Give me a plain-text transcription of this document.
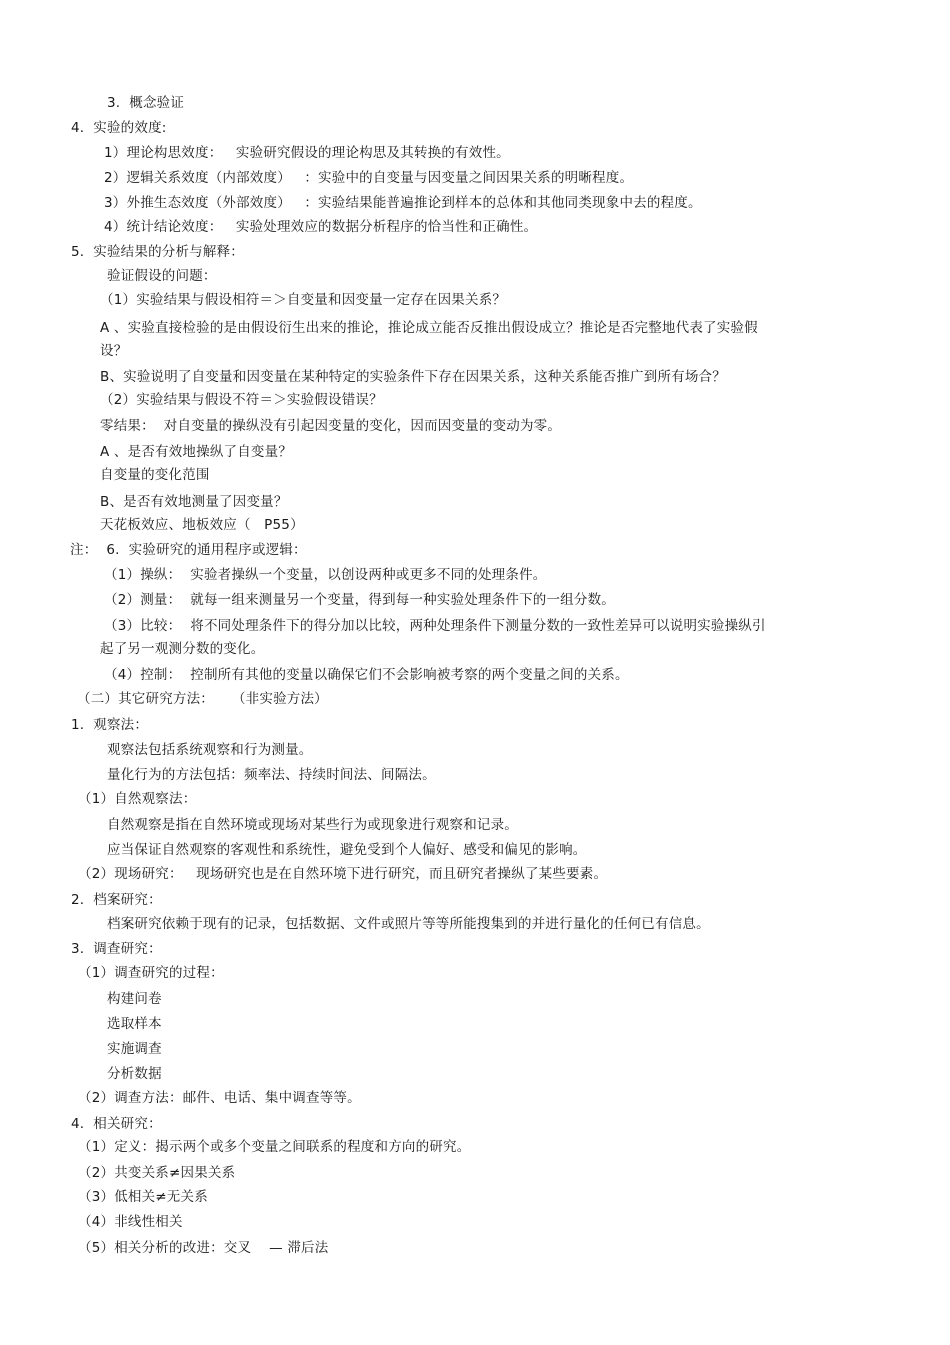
3.  概念验证
4.  实验的效度:
1）理论构思效度：   实验研究假设的理论构思及其转换的有效性。
2）逻辑关系效度（内部效度）   ：实验中的自变量与因变量之间因果关系的明晰程度。
3）外推生态效度（外部效度）   ：实验结果能普遍推论到样本的总体和其他同类现象中去的程度。
4）统计结论效度：   实验处理效应的数据分析程序的恰当性和正确性。
5.  实验结果的分析与解释：
验证假设的问题：
（1）实验结果与假设相符＝＞自变量和因变量一定存在因果关系？
A 、实验直接检验的是由假设衍生出来的推论，推论成立能否反推出假设成立？推论是否完整地代表了实验假
设？
B、实验说明了自变量和因变量在某种特定的实验条件下存在因果关系，这种关系能否推广到所有场合？
（2）实验结果与假设不符＝＞实验假设错误？
零结果：  对自变量的操纵没有引起因变量的变化，因而因变量的变动为零。
A 、是否有效地操纵了自变量？
自变量的变化范围
B、是否有效地测量了因变量？
天花板效应、地板效应（   P55）
注：  6.  实验研究的通用程序或逻辑：
（1）操纵：  实验者操纵一个变量，以创设两种或更多不同的处理条件。
（2）测量：  就每一组来测量另一个变量，得到每一种实验处理条件下的一组分数。
（3）比较：  将不同处理条件下的得分加以比较，两种处理条件下测量分数的一致性差异可以说明实验操纵引
起了另一观测分数的变化。
（4）控制：  控制所有其他的变量以确保它们不会影响被考察的两个变量之间的关系。
（二）其它研究方法：    （非实验方法）
1.  观察法：
观察法包括系统观察和行为测量。
量化行为的方法包括：频率法、持续时间法、间隔法。
（1）自然观察法：
自然观察是指在自然环境或现场对某些行为或现象进行观察和记录。
应当保证自然观察的客观性和系统性，避免受到个人偏好、感受和偏见的影响。
（2）现场研究：   现场研究也是在自然环境下进行研究，而且研究者操纵了某些要素。
2.  档案研究：
档案研究依赖于现有的记录，包括数据、文件或照片等等所能搜集到的并进行量化的任何已有信息。
3.  调查研究：
（1）调查研究的过程：
构建问卷
选取样本
实施调查
分析数据
（2）调查方法：邮件、电话、集中调查等等。
4.  相关研究：
（1）定义：揭示两个或多个变量之间联系的程度和方向的研究。
（2）共变关系≠因果关系
（3）低相关≠无关系
（4）非线性相关
（5）相关分析的改进：交叉    — 滞后法
